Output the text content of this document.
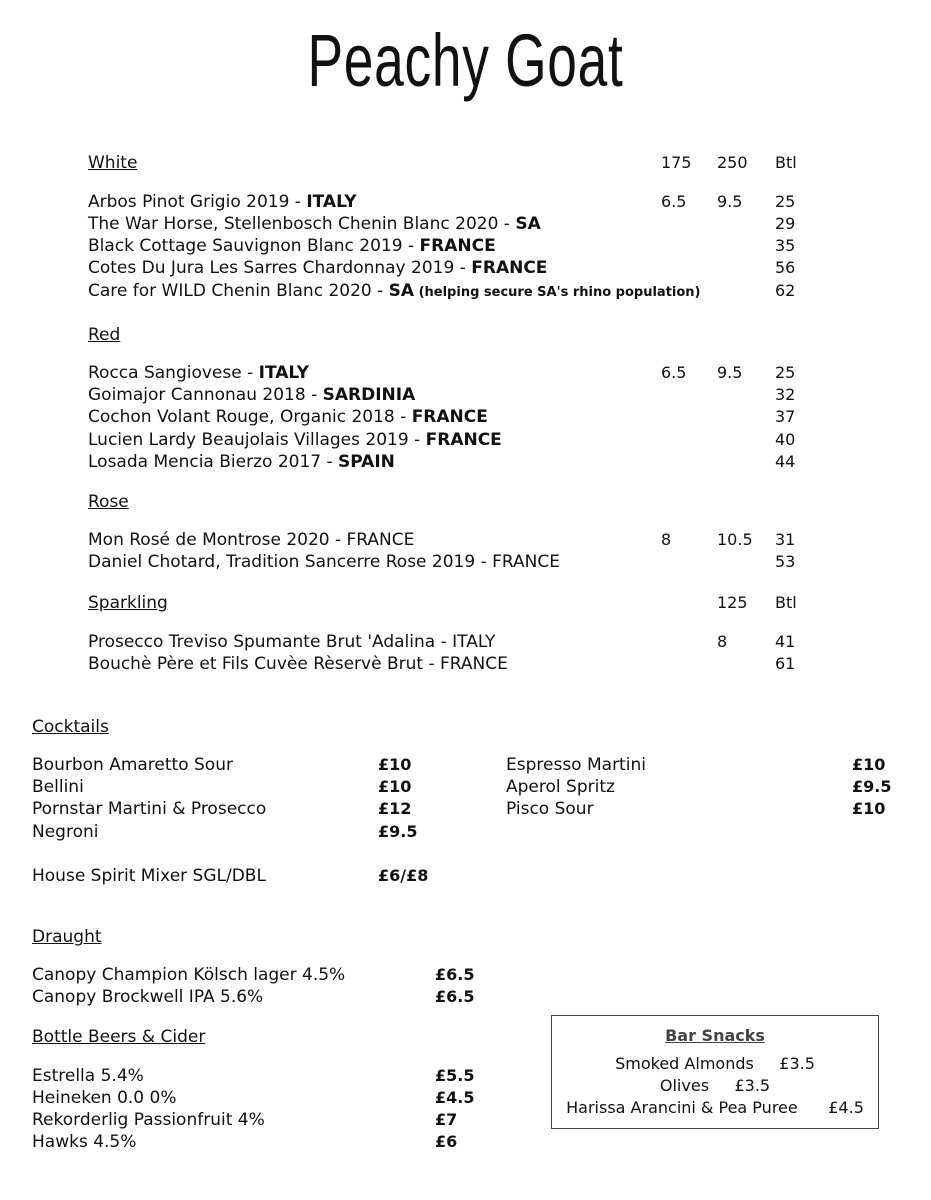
Peachy Goat
White	175 250 Btl
Arbos Pinot Grigio 2019 - ITALY	6.5 9.5 25
The War Horse, Stellenbosch Chenin Blanc 2020 - SA	29
Black Cottage Sauvignon Blanc 2019 - FRANCE	35
Cotes Du Jura Les Sarres Chardonnay 2019 - FRANCE	56
Care for WILD Chenin Blanc 2020 - SA (helping secure SA's rhino population)	62
Red
Rocca Sangiovese - ITALY	6.5 9.5 25
Goimajor Cannonau 2018 - SARDINIA	32
Cochon Volant Rouge, Organic 2018 - FRANCE	37
Lucien Lardy Beaujolais Villages 2019 - FRANCE	40
Losada Mencia Bierzo 2017 - SPAIN	44
Rose
Mon Rosé de Montrose 2020 - FRANCE	8	10.5 31
Daniel Chotard, Tradition Sancerre Rose 2019 - FRANCE	53
Sparkling	125 Btl
Prosecco Treviso Spumante Brut 'Adalina - ITALY	8	41
Bouchè Père et Fils Cuvèe Rèservè Brut - FRANCE	61
Cocktails
Bourbon Amaretto Sour	£10
Bellini	£10
Pornstar Martini & Prosecco	£12
Negroni	£9.5
Espresso Martini	£10
Aperol Spritz	£9.5
Pisco Sour	£10
House Spirit Mixer SGL/DBL	£6/£8
Draught
Canopy Champion Kölsch lager 4.5%	£6.5
Canopy Brockwell IPA 5.6%	£6.5
Bottle Beers & Cider
Estrella 5.4%	£5.5
Heineken 0.0 0%	£4.5
Rekorderlig Passionfruit 4%	£7
Hawks 4.5%	£6
Bar Snacks
Smoked Almonds £3.5
Olives £3.5
Harissa Arancini & Pea Puree £4.5
